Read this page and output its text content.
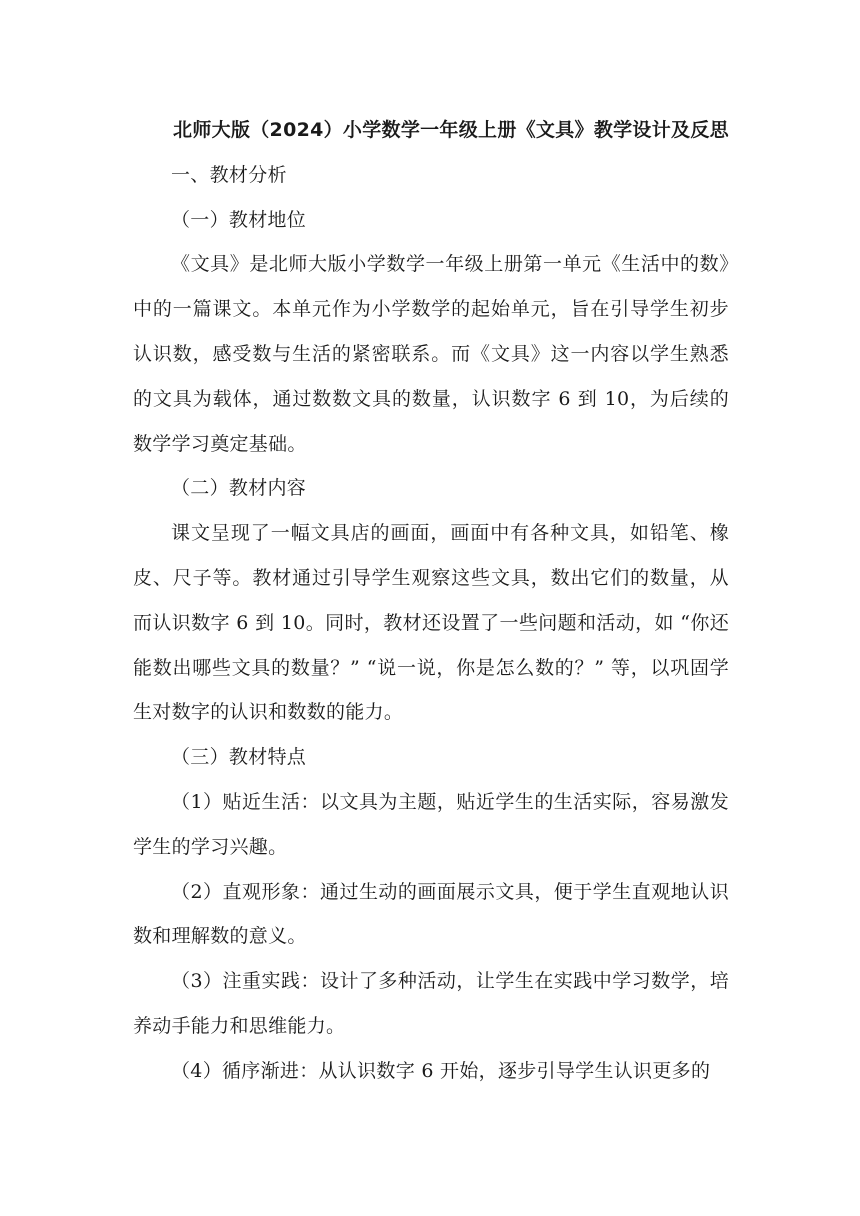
北师大版（2024）小学数学一年级上册《文具》教学设计及反思

一、教材分析

（一）教材地位

《文具》是北师大版小学数学一年级上册第一单元《生活中的数》中的一篇课文。本单元作为小学数学的起始单元，旨在引导学生初步认识数，感受数与生活的紧密联系。而《文具》这一内容以学生熟悉的文具为载体，通过数数文具的数量，认识数字 6 到 10，为后续的数学学习奠定基础。

（二）教材内容

课文呈现了一幅文具店的画面，画面中有各种文具，如铅笔、橡皮、尺子等。教材通过引导学生观察这些文具，数出它们的数量，从而认识数字 6 到 10。同时，教材还设置了一些问题和活动，如 “你还能数出哪些文具的数量？” “说一说，你是怎么数的？” 等，以巩固学生对数字的认识和数数的能力。

（三）教材特点

（1）贴近生活：以文具为主题，贴近学生的生活实际，容易激发学生的学习兴趣。

（2）直观形象：通过生动的画面展示文具，便于学生直观地认识数和理解数的意义。

（3）注重实践：设计了多种活动，让学生在实践中学习数学，培养动手能力和思维能力。

（4）循序渐进：从认识数字 6 开始，逐步引导学生认识更多的
